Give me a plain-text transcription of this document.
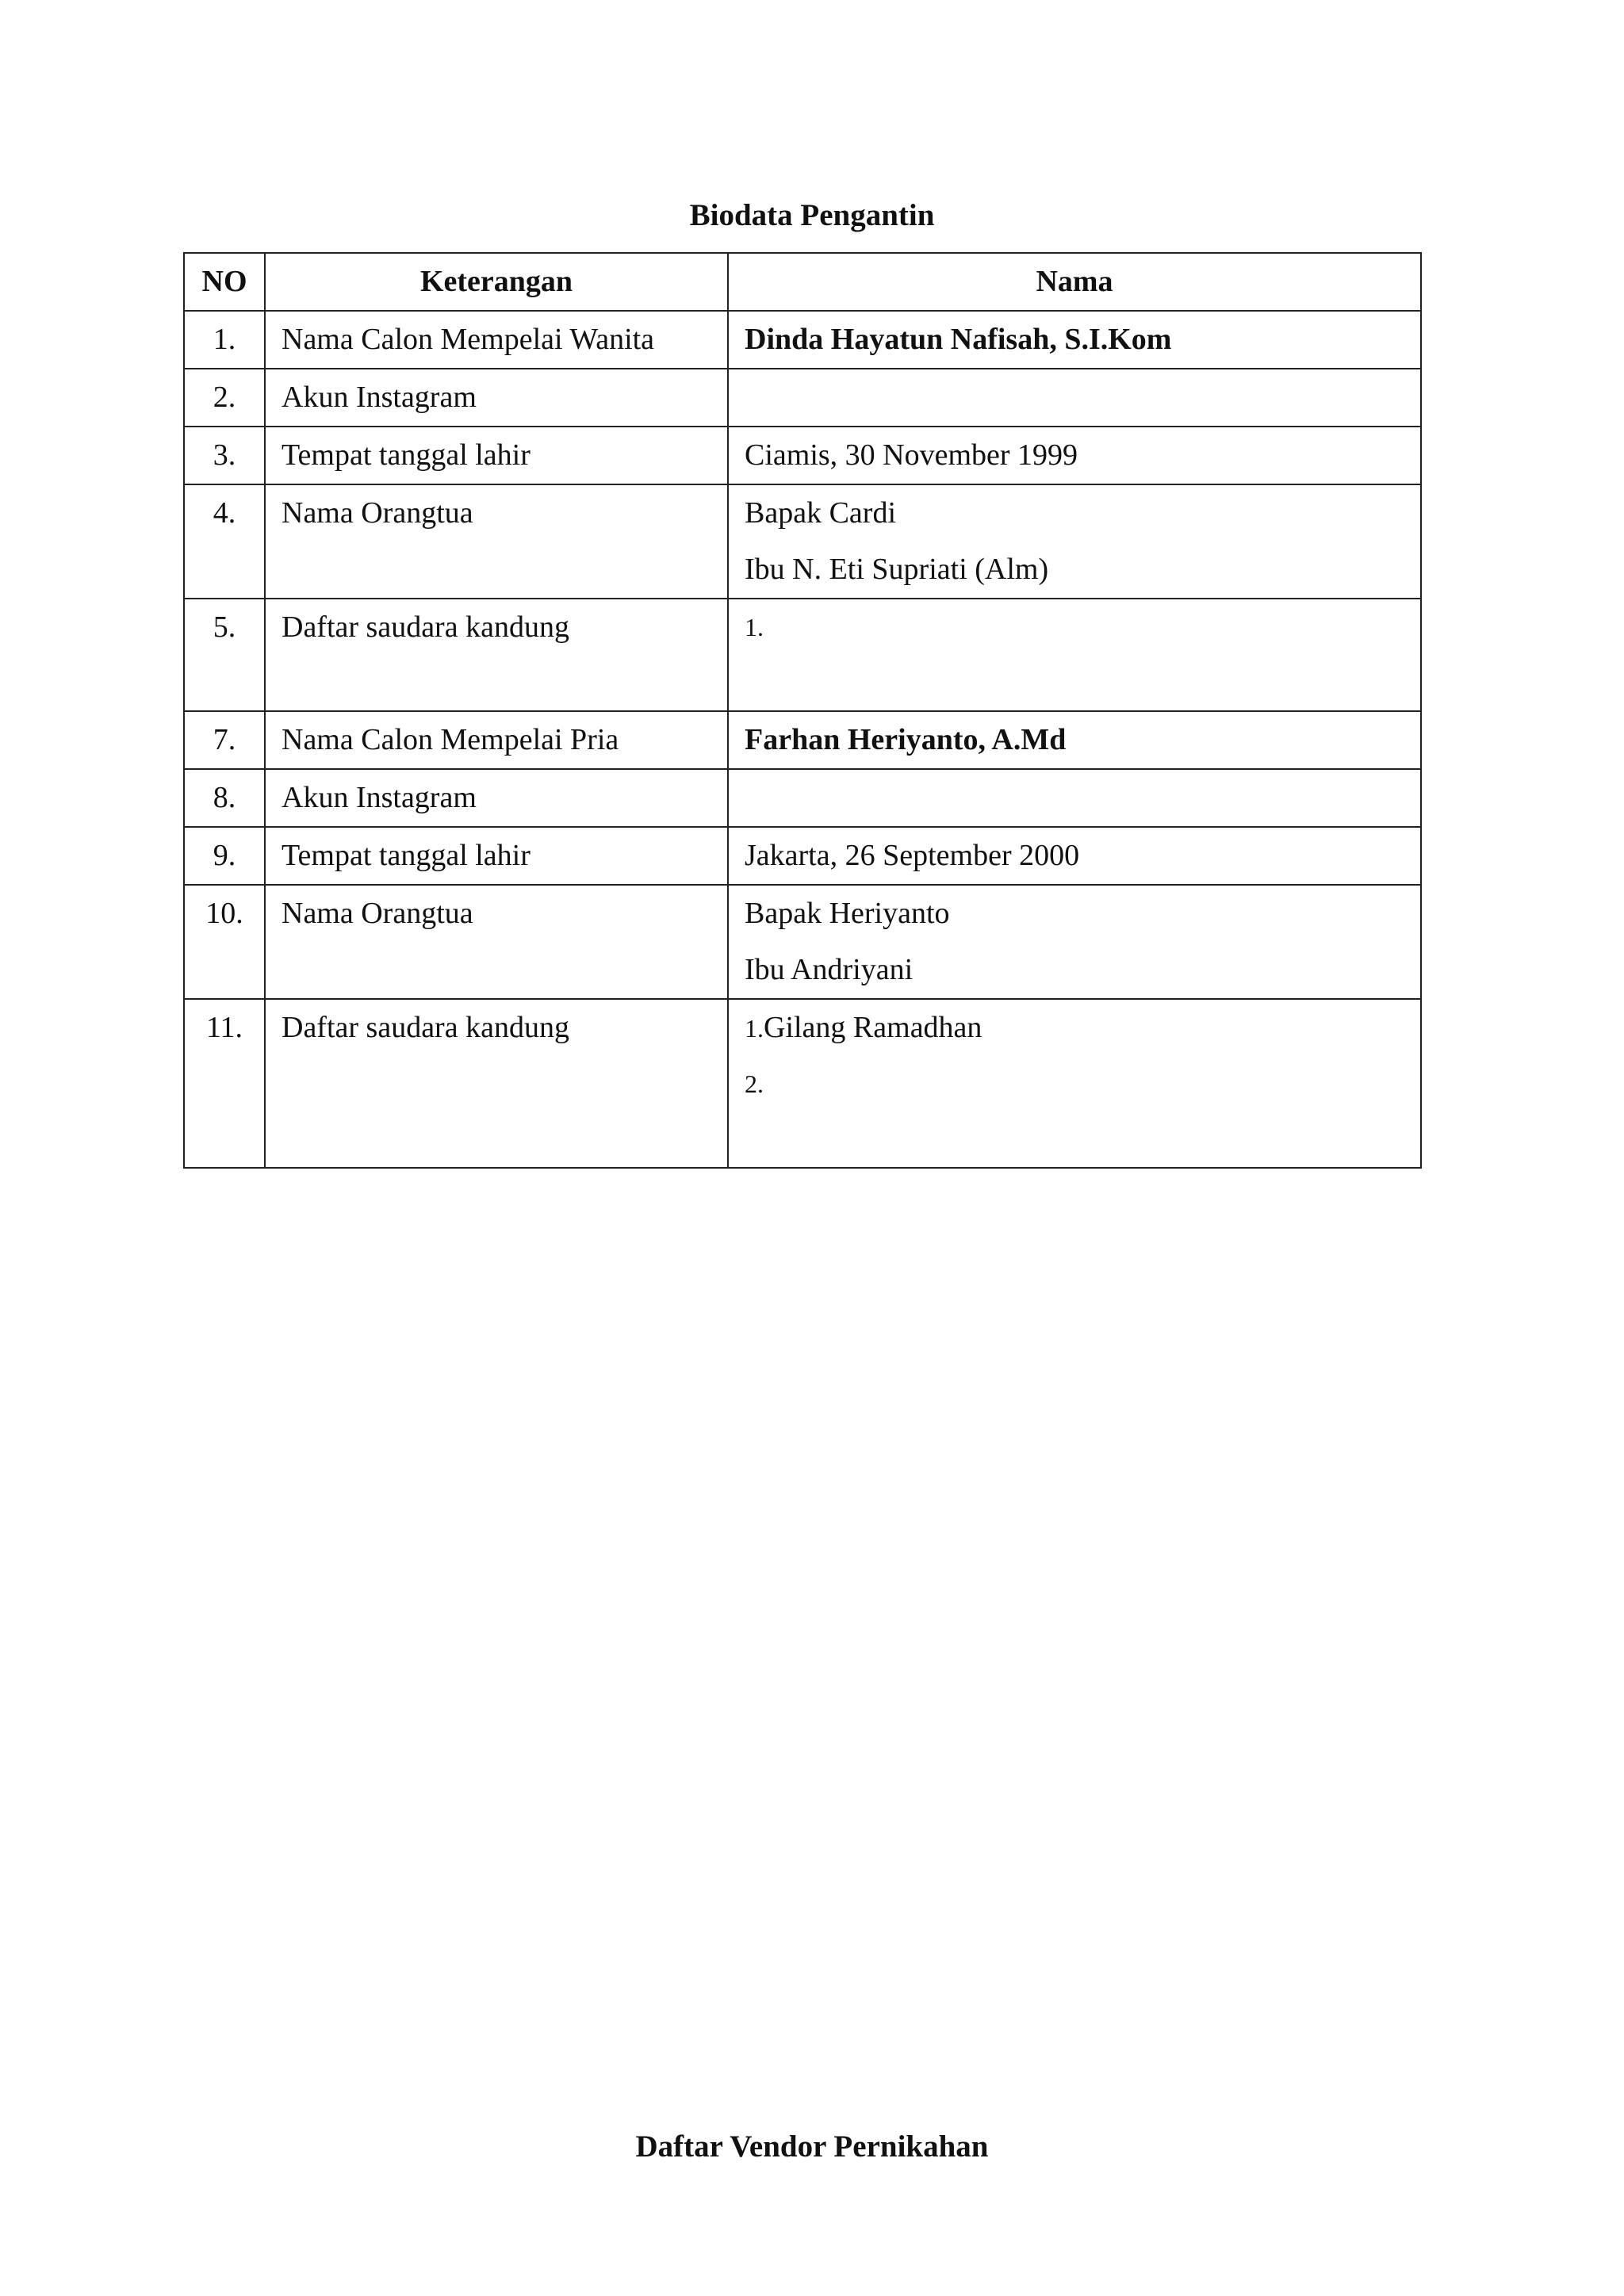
Biodata Pengantin
NO	Keterangan	Nama
1.	Nama Calon Mempelai Wanita	Dinda Hayatun Nafisah, S.I.Kom

2.	Akun Instagram	

3.	Tempat tanggal lahir	Ciamis, 30 November 1999

4.	Nama Orangtua	Bapak Cardi
Ibu N. Eti Supriati (Alm)

5.	Daftar saudara kandung	1.

7.	Nama Calon Mempelai Pria	Farhan Heriyanto, A.Md

8.	Akun Instagram	

9.	Tempat tanggal lahir	Jakarta, 26 September 2000

10.	Nama Orangtua	Bapak Heriyanto
Ibu Andriyani

11.	Daftar saudara kandung	1.Gilang Ramadhan
2.
Daftar Vendor Pernikahan
